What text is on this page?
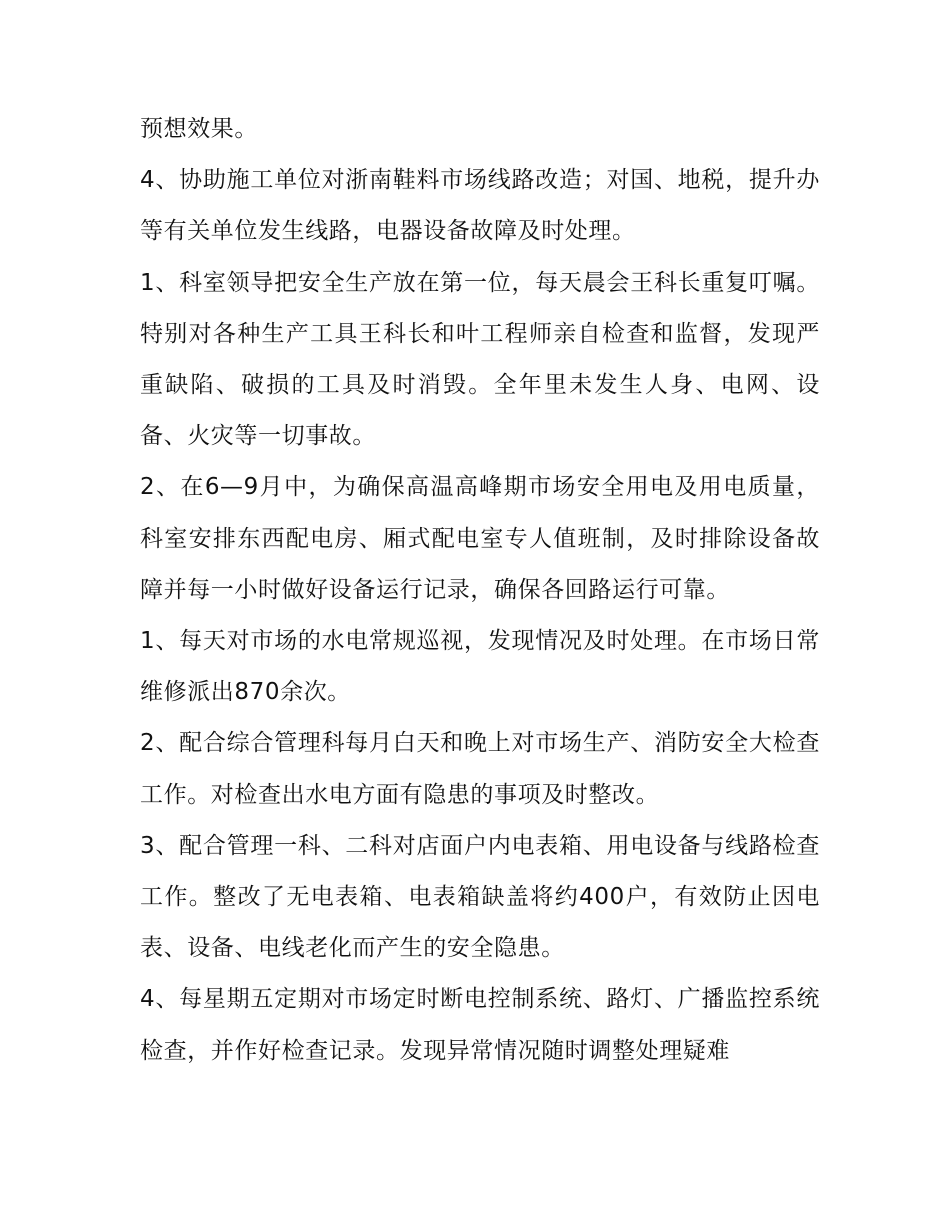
预想效果。

4、协助施工单位对浙南鞋料市场线路改造；对国、地税，提升办等有关单位发生线路，电器设备故障及时处理。

1、科室领导把安全生产放在第一位，每天晨会王科长重复叮嘱。特别对各种生产工具王科长和叶工程师亲自检查和监督，发现严重缺陷、破损的工具及时消毁。全年里未发生人身、电网、设备、火灾等一切事故。

2、在6—9月中，为确保高温高峰期市场安全用电及用电质量，科室安排东西配电房、厢式配电室专人值班制，及时排除设备故障并每一小时做好设备运行记录，确保各回路运行可靠。

1、每天对市场的水电常规巡视，发现情况及时处理。在市场日常维修派出870余次。

2、配合综合管理科每月白天和晚上对市场生产、消防安全大检查工作。对检查出水电方面有隐患的事项及时整改。

3、配合管理一科、二科对店面户内电表箱、用电设备与线路检查工作。整改了无电表箱、电表箱缺盖将约400户，有效防止因电表、设备、电线老化而产生的安全隐患。

4、每星期五定期对市场定时断电控制系统、路灯、广播监控系统检查，并作好检查记录。发现异常情况随时调整处理疑难
